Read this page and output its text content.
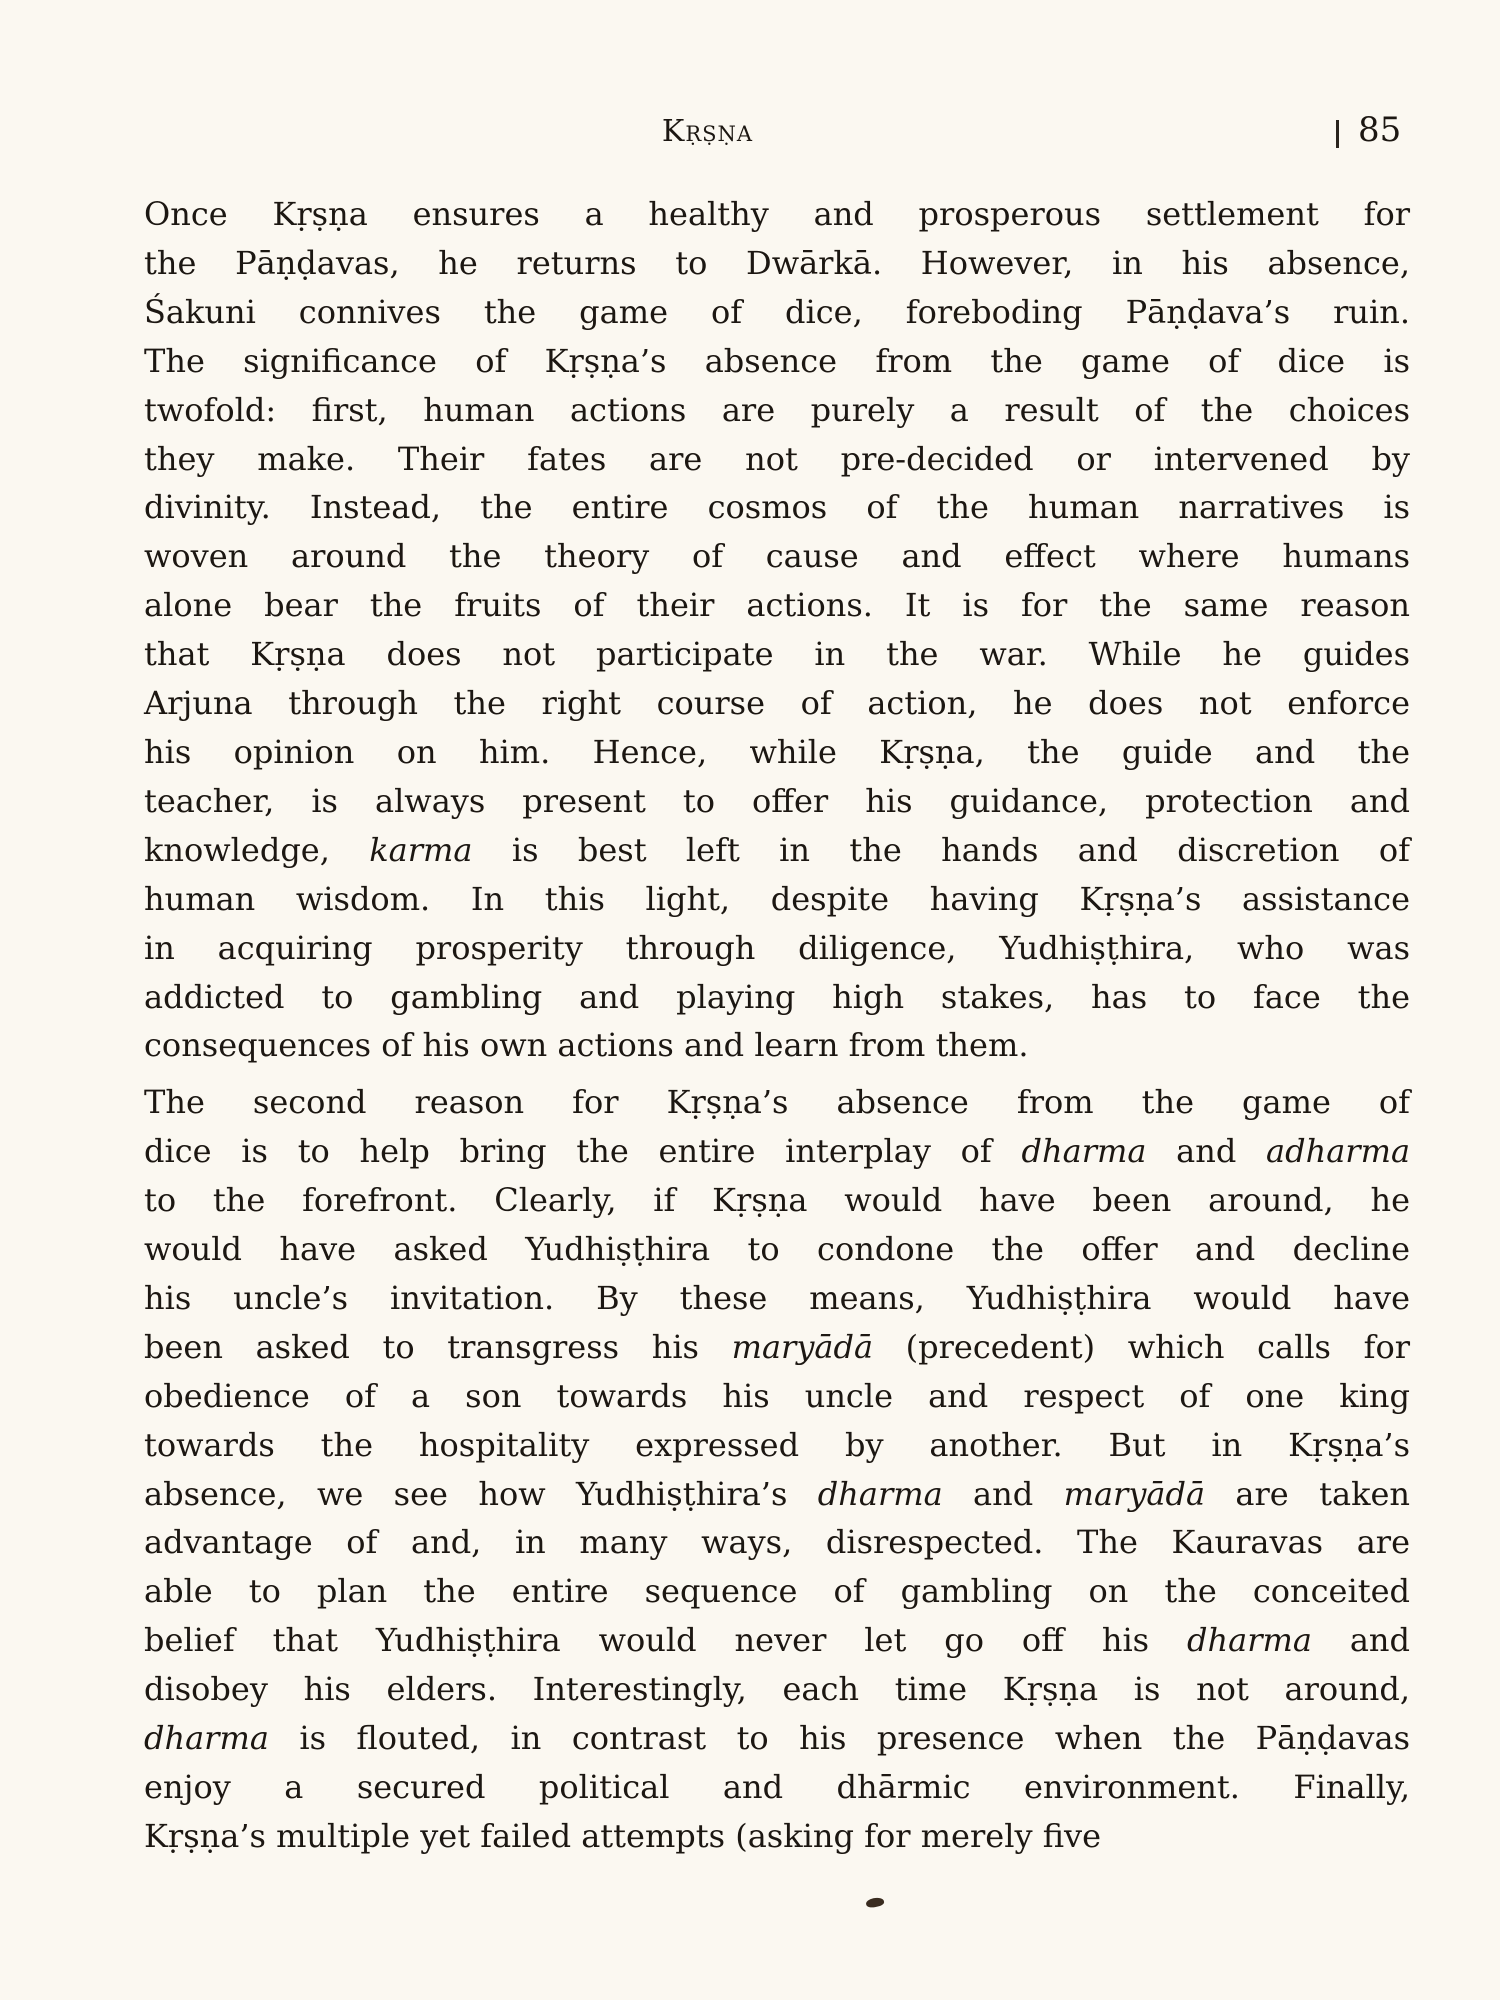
Kṛṣṇa	85

Once Kṛṣṇa ensures a healthy and prosperous settlement for
the Pāṇḍavas, he returns to Dwārkā. However, in his absence,
Śakuni connives the game of dice, foreboding Pāṇḍava’s ruin.
The significance of Kṛṣṇa’s absence from the game of dice is
twofold: first, human actions are purely a result of the choices
they make. Their fates are not pre-decided or intervened by
divinity. Instead, the entire cosmos of the human narratives is
woven around the theory of cause and effect where humans
alone bear the fruits of their actions. It is for the same reason
that Kṛṣṇa does not participate in the war. While he guides
Arjuna through the right course of action, he does not enforce
his opinion on him. Hence, while Kṛṣṇa, the guide and the
teacher, is always present to offer his guidance, protection and
knowledge, karma is best left in the hands and discretion of
human wisdom. In this light, despite having Kṛṣṇa’s assistance
in acquiring prosperity through diligence, Yudhiṣṭhira, who was
addicted to gambling and playing high stakes, has to face the
consequences of his own actions and learn from them.

The second reason for Kṛṣṇa’s absence from the game of
dice is to help bring the entire interplay of dharma and adharma
to the forefront. Clearly, if Kṛṣṇa would have been around, he
would have asked Yudhiṣṭhira to condone the offer and decline
his uncle’s invitation. By these means, Yudhiṣṭhira would have
been asked to transgress his maryādā (precedent) which calls for
obedience of a son towards his uncle and respect of one king
towards the hospitality expressed by another. But in Kṛṣṇa’s
absence, we see how Yudhiṣṭhira’s dharma and maryādā are taken
advantage of and, in many ways, disrespected. The Kauravas are
able to plan the entire sequence of gambling on the conceited
belief that Yudhiṣṭhira would never let go off his dharma and
disobey his elders. Interestingly, each time Kṛṣṇa is not around,
dharma is flouted, in contrast to his presence when the Pāṇḍavas
enjoy a secured political and dhārmic environment. Finally,
Kṛṣṇa’s multiple yet failed attempts (asking for merely five
